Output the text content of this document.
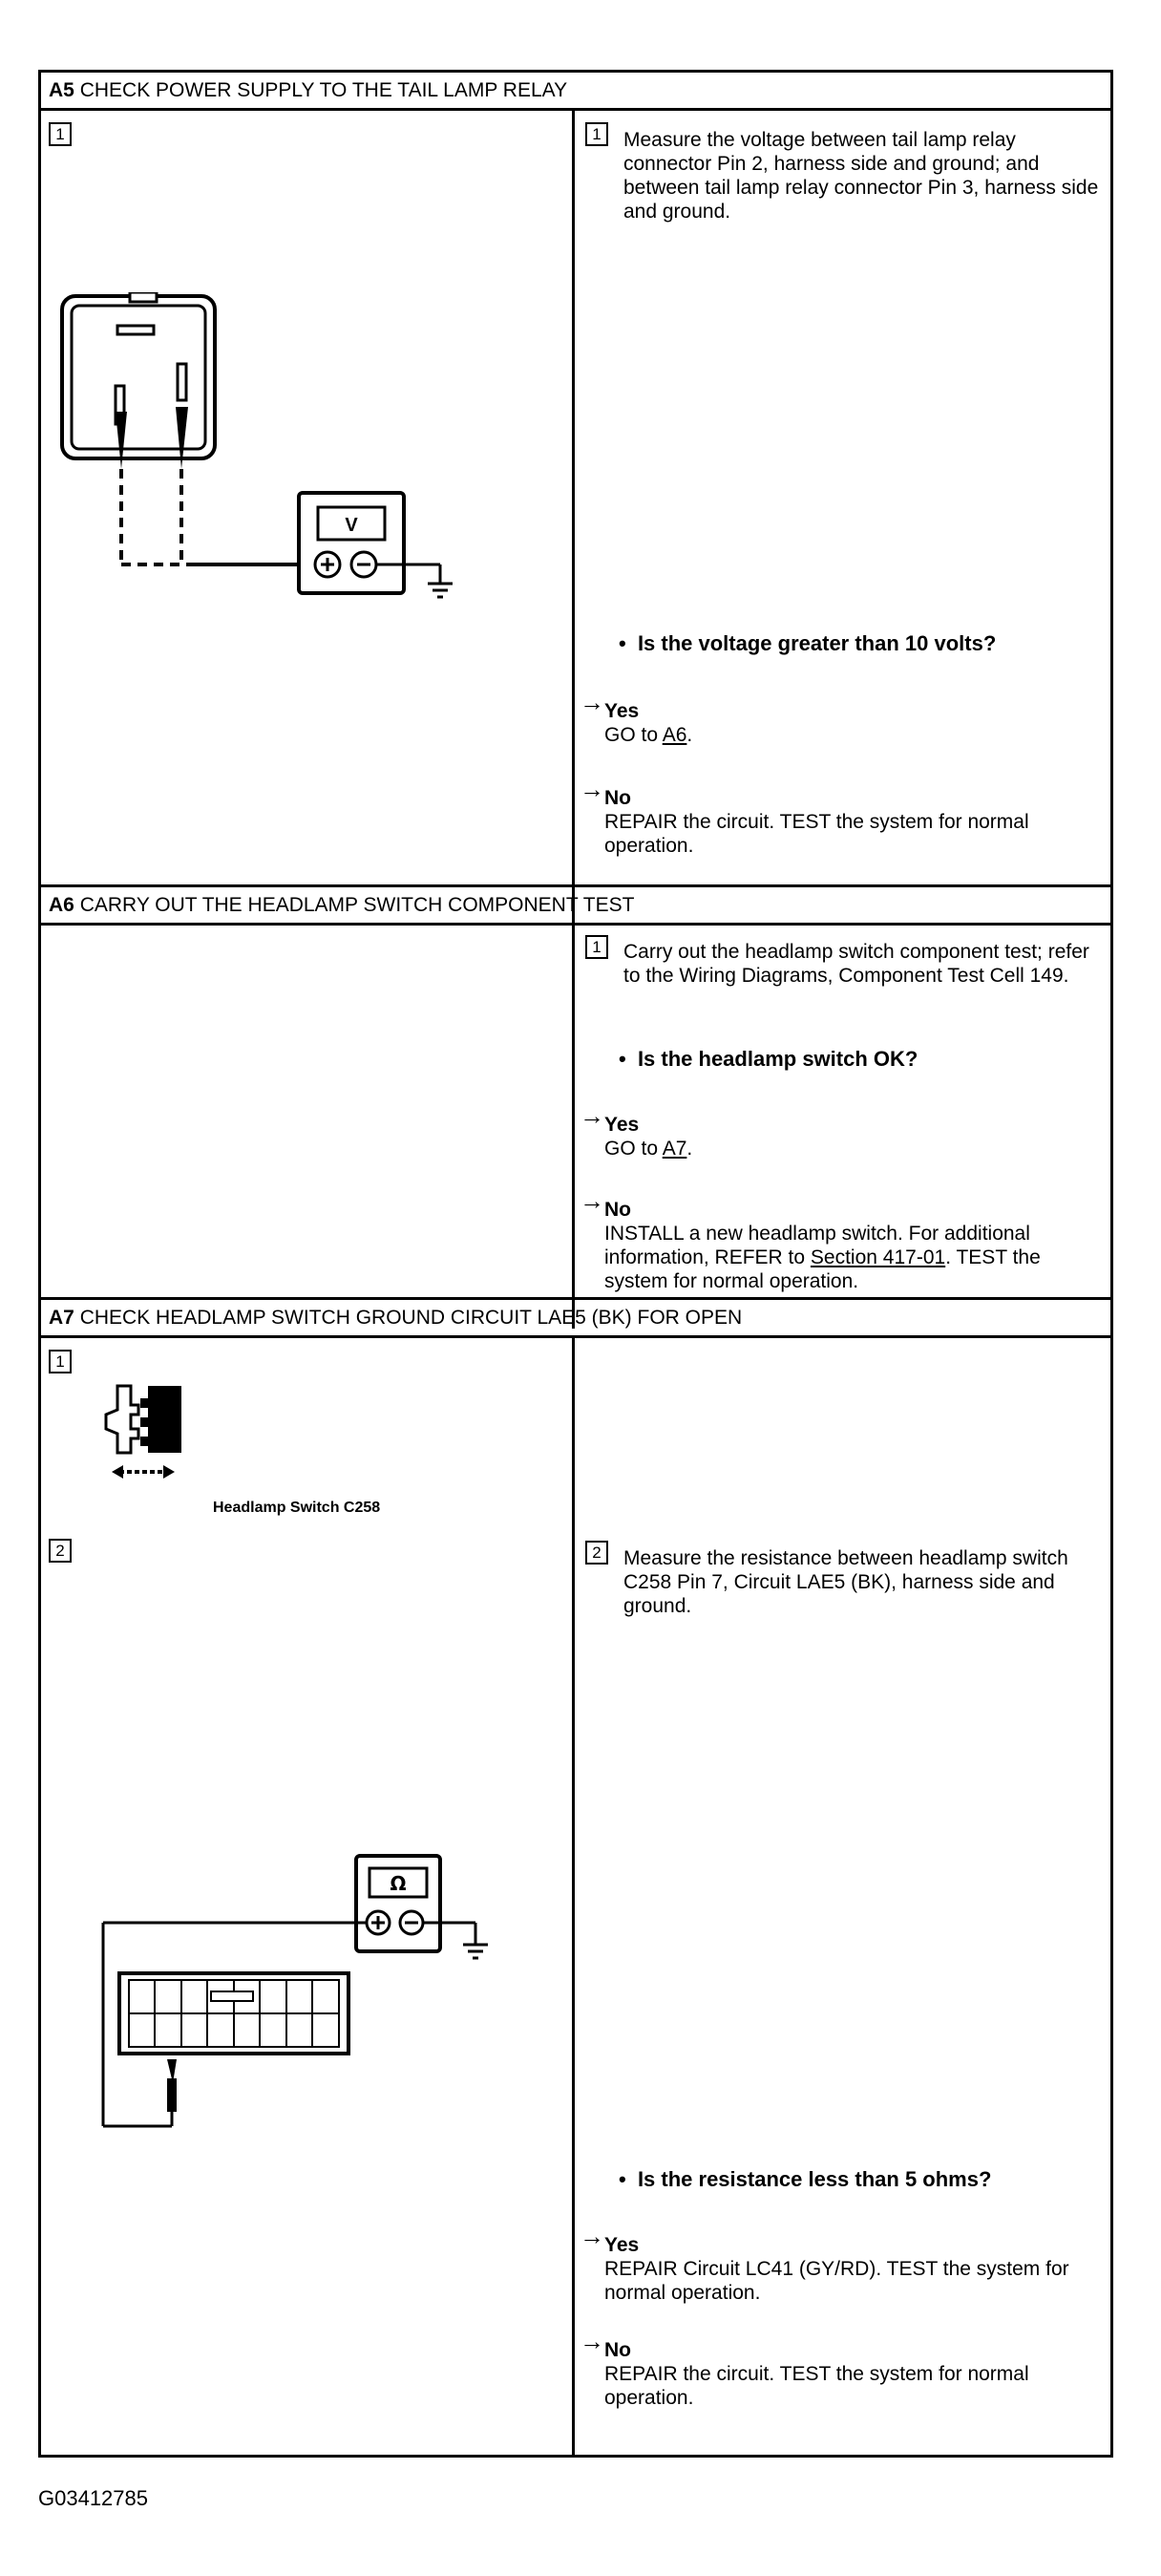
A5 CHECK POWER SUPPLY TO THE TAIL LAMP RELAY
1	1	Measure the voltage between tail lamp relay connector Pin 2, harness side and ground; and between tail lamp relay connector Pin 3, harness side and ground.
V
• Is the voltage greater than 10 volts?
→ Yes
GO to A6.
→ No
REPAIR the circuit. TEST the system for normal operation.
A6 CARRY OUT THE HEADLAMP SWITCH COMPONENT TEST
1	Carry out the headlamp switch component test; refer to the Wiring Diagrams, Component Test Cell 149.
• Is the headlamp switch OK?
→ Yes
GO to A7.
→ No
INSTALL a new headlamp switch. For additional information, REFER to Section 417-01. TEST the system for normal operation.
A7 CHECK HEADLAMP SWITCH GROUND CIRCUIT LAE5 (BK) FOR OPEN
1
Headlamp Switch C258
2	2	Measure the resistance between headlamp switch C258 Pin 7, Circuit LAE5 (BK), harness side and ground.
Ω
• Is the resistance less than 5 ohms?
→ Yes
REPAIR Circuit LC41 (GY/RD). TEST the system for normal operation.
→ No
REPAIR the circuit. TEST the system for normal operation.
G03412785
